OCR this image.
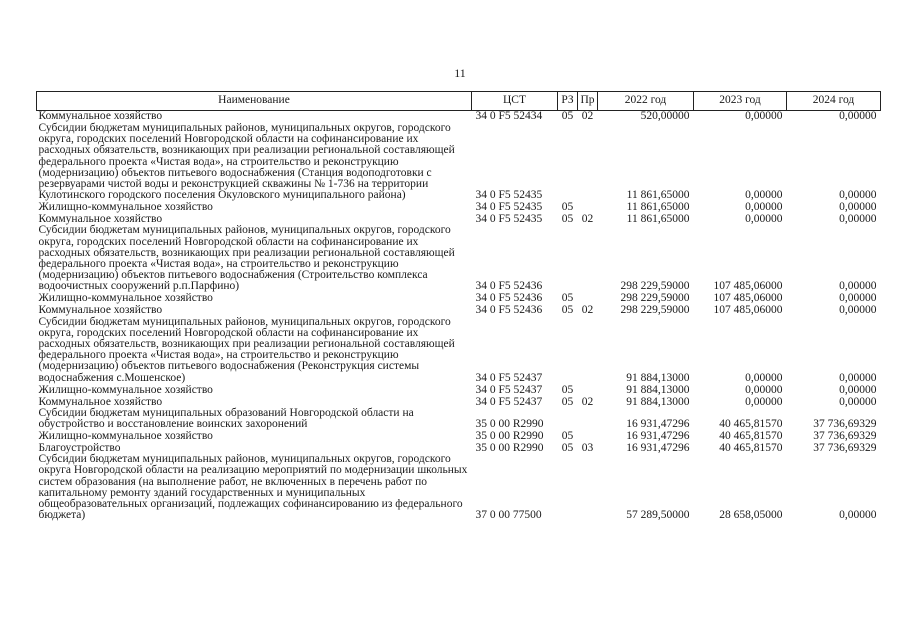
11
Наименование	ЦСТ	РЗ	Пр	2022 год	2023 год	2024 год
Коммунальное хозяйство	34 0 F5 52434	05	02	520,00000	0,00000	0,00000
Субсидии бюджетам муниципальных районов, муниципальных округов, городского округа, городских поселений Новгородской области на софинансирование их расходных обязательств, возникающих при реализации региональной составляющей федерального проекта «Чистая вода», на строительство и реконструкцию (модернизацию) объектов питьевого водоснабжения (Станция водоподготовки с резервуарами чистой воды и реконструкцией скважины № 1-736 на территории Кулотинского городского поселения Окуловского муниципального района)	34 0 F5 52435			11 861,65000	0,00000	0,00000
Жилищно-коммунальное хозяйство	34 0 F5 52435	05		11 861,65000	0,00000	0,00000
Коммунальное хозяйство	34 0 F5 52435	05	02	11 861,65000	0,00000	0,00000
Субсидии бюджетам муниципальных районов, муниципальных округов, городского округа, городских поселений Новгородской области на софинансирование их расходных обязательств, возникающих при реализации региональной составляющей федерального проекта «Чистая вода», на строительство и реконструкцию (модернизацию) объектов питьевого водоснабжения (Строительство комплекса водоочистных сооружений р.п.Парфино)	34 0 F5 52436			298 229,59000	107 485,06000	0,00000
Жилищно-коммунальное хозяйство	34 0 F5 52436	05		298 229,59000	107 485,06000	0,00000
Коммунальное хозяйство	34 0 F5 52436	05	02	298 229,59000	107 485,06000	0,00000
Субсидии бюджетам муниципальных районов, муниципальных округов, городского округа, городских поселений Новгородской области на софинансирование их расходных обязательств, возникающих при реализации региональной составляющей федерального проекта «Чистая вода», на строительство и реконструкцию (модернизацию) объектов питьевого водоснабжения (Реконструкция системы водоснабжения с.Мошенское)	34 0 F5 52437			91 884,13000	0,00000	0,00000
Жилищно-коммунальное хозяйство	34 0 F5 52437	05		91 884,13000	0,00000	0,00000
Коммунальное хозяйство	34 0 F5 52437	05	02	91 884,13000	0,00000	0,00000
Субсидии бюджетам муниципальных образований Новгородской области на обустройство и восстановление воинских захоронений	35 0 00 R2990			16 931,47296	40 465,81570	37 736,69329
Жилищно-коммунальное хозяйство	35 0 00 R2990	05		16 931,47296	40 465,81570	37 736,69329
Благоустройство	35 0 00 R2990	05	03	16 931,47296	40 465,81570	37 736,69329
Субсидии бюджетам муниципальных районов, муниципальных округов, городского округа Новгородской области на реализацию мероприятий по модернизации школьных систем образования (на выполнение работ, не включенных в перечень работ по капитальному ремонту зданий государственных и муниципальных общеобразовательных организаций, подлежащих софинансированию из федерального бюджета)	37 0 00 77500			57 289,50000	28 658,05000	0,00000
